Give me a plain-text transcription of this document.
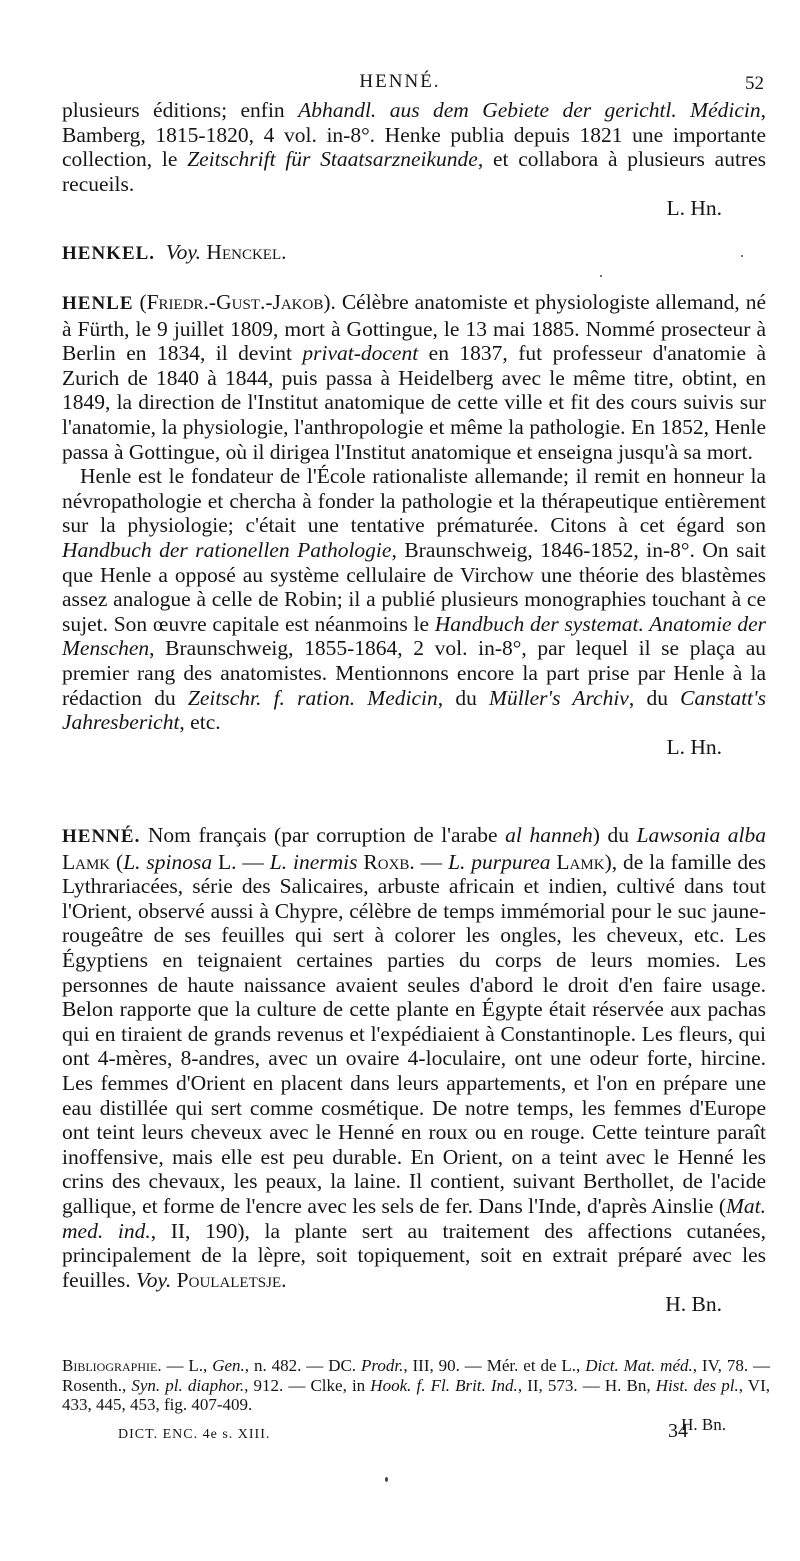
HENNÉ.	52

plusieurs éditions; enfin Abhandl. aus dem Gebiete der gerichtl. Médicin, Bamberg, 1815-1820, 4 vol. in-8°. Henke publia depuis 1821 une importante collection, le Zeitschrift für Staatsarzneikunde, et collabora à plusieurs autres recueils.

L. Hn.

HENKEL. Voy. Henckel.

HENLE (Friedr.-Gust.-Jakob). Célèbre anatomiste et physiologiste allemand, né à Fürth, le 9 juillet 1809, mort à Gottingue, le 13 mai 1885. Nommé prosecteur à Berlin en 1834, il devint privat-docent en 1837, fut professeur d'anatomie à Zurich de 1840 à 1844, puis passa à Heidelberg avec le même titre, obtint, en 1849, la direction de l'Institut anatomique de cette ville et fit des cours suivis sur l'anatomie, la physiologie, l'anthropologie et même la pathologie. En 1852, Henle passa à Gottingue, où il dirigea l'Institut anatomique et enseigna jusqu'à sa mort.

Henle est le fondateur de l'École rationaliste allemande; il remit en honneur la névropathologie et chercha à fonder la pathologie et la thérapeutique entièrement sur la physiologie; c'était une tentative prématurée. Citons à cet égard son Handbuch der rationellen Pathologie, Braunschweig, 1846-1852, in-8°. On sait que Henle a opposé au système cellulaire de Virchow une théorie des blastèmes assez analogue à celle de Robin; il a publié plusieurs monographies touchant à ce sujet. Son œuvre capitale est néanmoins le Handbuch der systemat. Anatomie der Menschen, Braunschweig, 1855-1864, 2 vol. in-8°, par lequel il se plaça au premier rang des anatomistes. Mentionnons encore la part prise par Henle à la rédaction du Zeitschr. f. ration. Medicin, du Müller's Archiv, du Canstatt's Jahresbericht, etc.

L. Hn.

HENNÉ. Nom français (par corruption de l'arabe al hanneh) du Lawsonia alba Lamk (L. spinosa L. — L. inermis Roxb. — L. purpurea Lamk), de la famille des Lythrariacées, série des Salicaires, arbuste africain et indien, cultivé dans tout l'Orient, observé aussi à Chypre, célèbre de temps immémorial pour le suc jaune-rougeâtre de ses feuilles qui sert à colorer les ongles, les cheveux, etc. Les Égyptiens en teignaient certaines parties du corps de leurs momies. Les personnes de haute naissance avaient seules d'abord le droit d'en faire usage. Belon rapporte que la culture de cette plante en Égypte était réservée aux pachas qui en tiraient de grands revenus et l'expédiaient à Constantinople. Les fleurs, qui ont 4-mères, 8-andres, avec un ovaire 4-loculaire, ont une odeur forte, hircine. Les femmes d'Orient en placent dans leurs appartements, et l'on en prépare une eau distillée qui sert comme cosmétique. De notre temps, les femmes d'Europe ont teint leurs cheveux avec le Henné en roux ou en rouge. Cette teinture paraît inoffensive, mais elle est peu durable. En Orient, on a teint avec le Henné les crins des chevaux, les peaux, la laine. Il contient, suivant Berthollet, de l'acide gallique, et forme de l'encre avec les sels de fer. Dans l'Inde, d'après Ainslie (Mat. med. ind., II, 190), la plante sert au traitement des affections cutanées, principalement de la lèpre, soit topiquement, soit en extrait préparé avec les feuilles. Voy. Poulaletsje.

H. Bn.

Bibliographie. — L., Gen., n. 482. — DC. Prodr., III, 90. — Mér. et de L., Dict. Mat. méd., IV, 78. — Rosenth., Syn. pl. diaphor., 912. — Clke, in Hook. f. Fl. Brit. Ind., II, 573. — H. Bn, Hist. des pl., VI, 433, 445, 453, fig. 407-409.

H. Bn.

DICT. ENC. 4e s. XIII.	34
